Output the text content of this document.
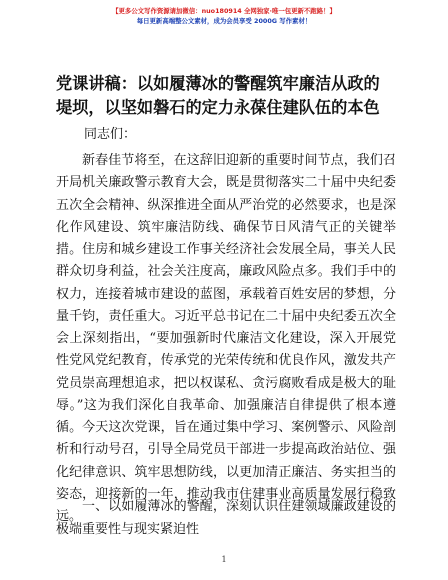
【更多公文写作资源请加微信：nuo180914 全网独家·唯一包更新不跑路！】
每日更新高端整公文素材，成为会员享受 2000G 写作素材！
党课讲稿：以如履薄冰的警醒筑牢廉洁从政的
堤坝，以坚如磐石的定力永葆住建队伍的本色

同志们：

新春佳节将至，在这辞旧迎新的重要时间节点，我们召开局机关廉政警示教育大会，既是贯彻落实二十届中央纪委五次全会精神、纵深推进全面从严治党的必然要求，也是深化作风建设、筑牢廉洁防线、确保节日风清气正的关键举措。住房和城乡建设工作事关经济社会发展全局，事关人民群众切身利益，社会关注度高，廉政风险点多。我们手中的权力，连接着城市建设的蓝图，承载着百姓安居的梦想，分量千钧，责任重大。习近平总书记在二十届中央纪委五次全会上深刻指出，“要加强新时代廉洁文化建设，深入开展党性党风党纪教育，传承党的光荣传统和优良作风，激发共产党员崇高理想追求，把以权谋私、贪污腐败看成是极大的耻辱。”这为我们深化自我革命、加强廉洁自律提供了根本遵循。今天这次党课，旨在通过集中学习、案例警示、风险剖析和行动号召，引导全局党员干部进一步提高政治站位、强化纪律意识、筑牢思想防线，以更加清正廉洁、务实担当的姿态，迎接新的一年，推动我市住建事业高质量发展行稳致远。

一、以如履薄冰的警醒，深刻认识住建领域廉政建设的极端重要性与现实紧迫性

1
